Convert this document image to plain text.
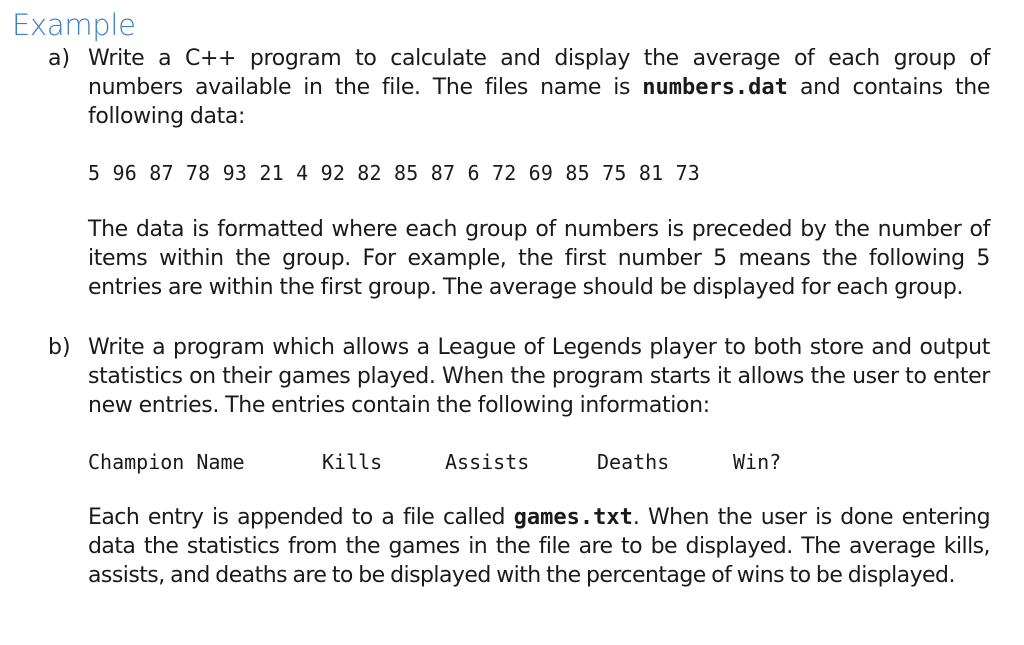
Example
a) Write a C++ program to calculate and display the average of each group of numbers available in the file. The files name is numbers.dat and contains the following data:
5 96 87 78 93 21 4 92 82 85 87 6 72 69 85 75 81 73
The data is formatted where each group of numbers is preceded by the number of items within the group. For example, the first number 5 means the following 5 entries are within the first group. The average should be displayed for each group.
b) Write a program which allows a League of Legends player to both store and output statistics on their games played. When the program starts it allows the user to enter new entries. The entries contain the following information:
Champion Name	Kills	Assists	Deaths	Win?
Each entry is appended to a file called games.txt. When the user is done entering data the statistics from the games in the file are to be displayed. The average kills, assists, and deaths are to be displayed with the percentage of wins to be displayed.
